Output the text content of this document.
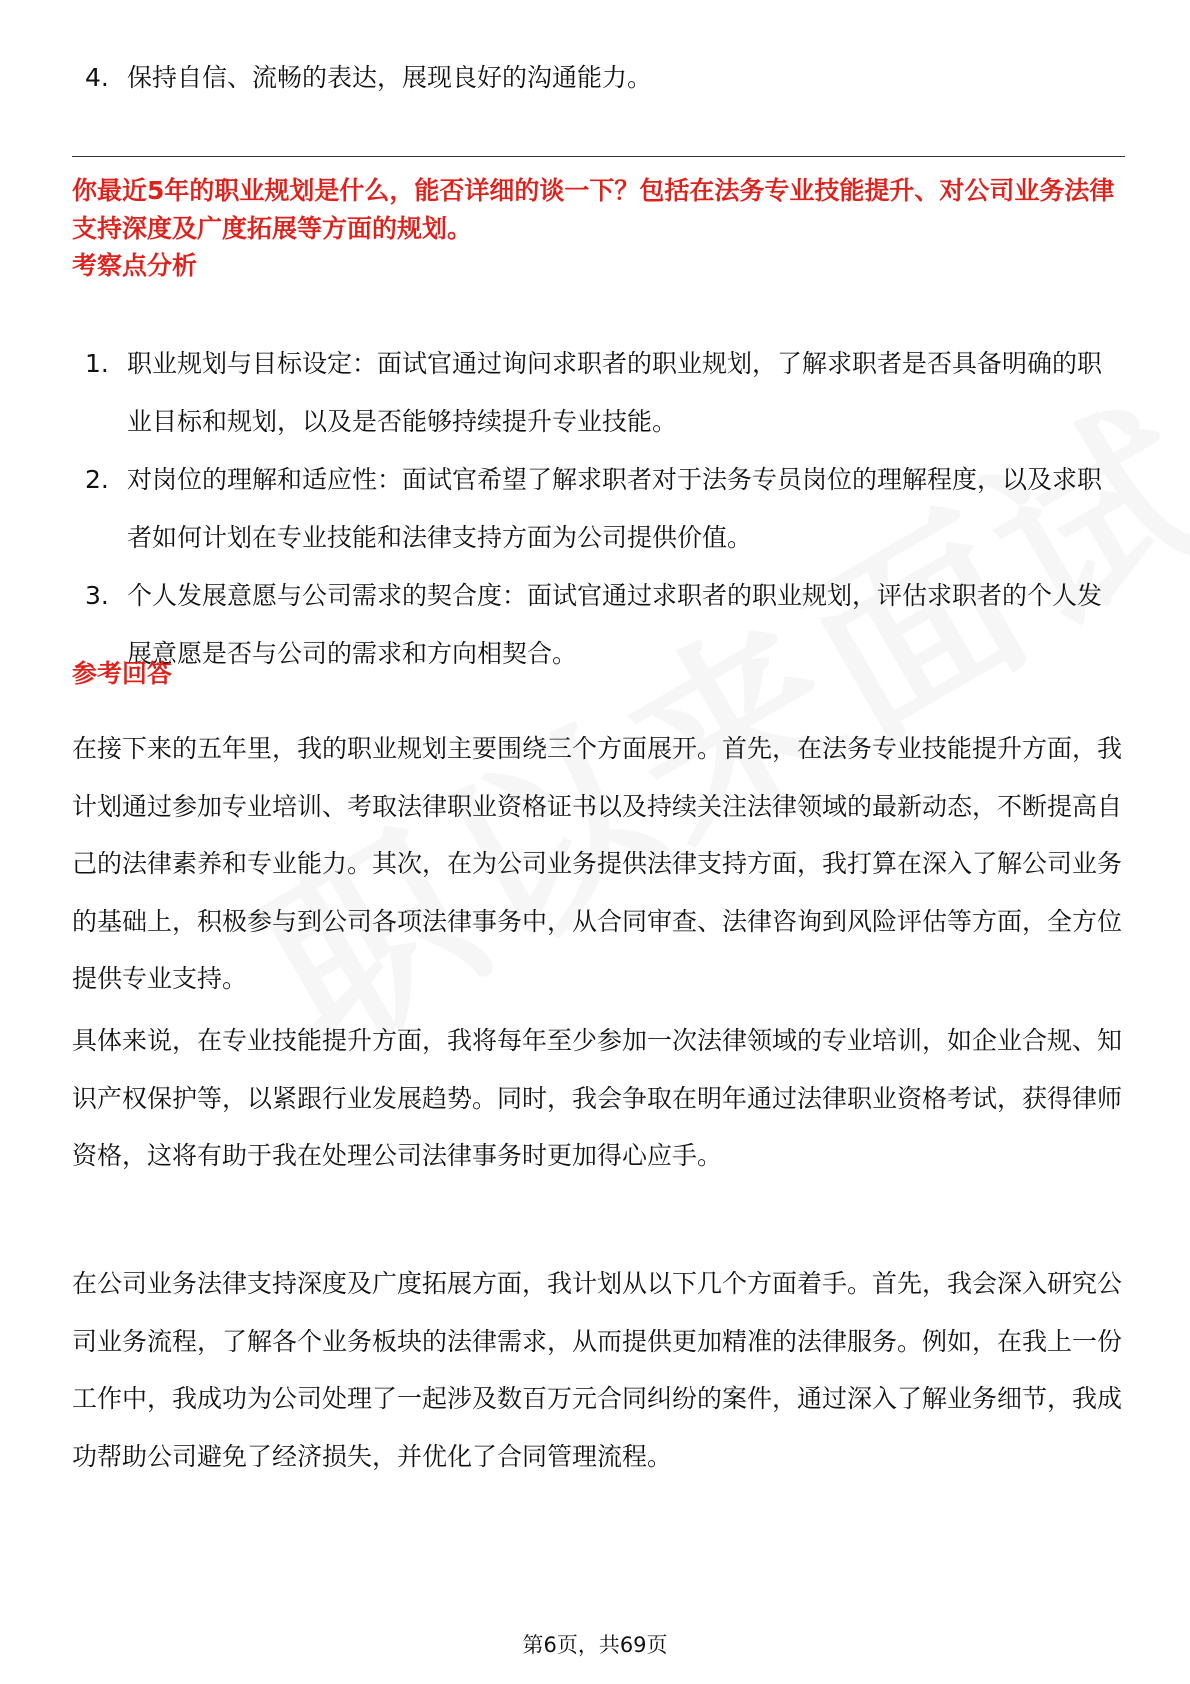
4. 保持自信、流畅的表达，展现良好的沟通能力。
你最近5年的职业规划是什么，能否详细的谈一下？包括在法务专业技能提升、对公司业务法律支持深度及广度拓展等方面的规划。
考察点分析
1. 职业规划与目标设定：面试官通过询问求职者的职业规划，了解求职者是否具备明确的职业目标和规划，以及是否能够持续提升专业技能。
2. 对岗位的理解和适应性：面试官希望了解求职者对于法务专员岗位的理解程度，以及求职者如何计划在专业技能和法律支持方面为公司提供价值。
3. 个人发展意愿与公司需求的契合度：面试官通过求职者的职业规划，评估求职者的个人发展意愿是否与公司的需求和方向相契合。
参考回答

在接下来的五年里，我的职业规划主要围绕三个方面展开。首先，在法务专业技能提升方面，我计划通过参加专业培训、考取法律职业资格证书以及持续关注法律领域的最新动态，不断提高自己的法律素养和专业能力。其次，在为公司业务提供法律支持方面，我打算在深入了解公司业务的基础上，积极参与到公司各项法律事务中，从合同审查、法律咨询到风险评估等方面，全方位提供专业支持。

具体来说，在专业技能提升方面，我将每年至少参加一次法律领域的专业培训，如企业合规、知识产权保护等，以紧跟行业发展趋势。同时，我会争取在明年通过法律职业资格考试，获得律师资格，这将有助于我在处理公司法律事务时更加得心应手。

在公司业务法律支持深度及广度拓展方面，我计划从以下几个方面着手。首先，我会深入研究公司业务流程，了解各个业务板块的法律需求，从而提供更加精准的法律服务。例如，在我上一份工作中，我成功为公司处理了一起涉及数百万元合同纠纷的案件，通过深入了解业务细节，我成功帮助公司避免了经济损失，并优化了合同管理流程。

第6页，共69页
